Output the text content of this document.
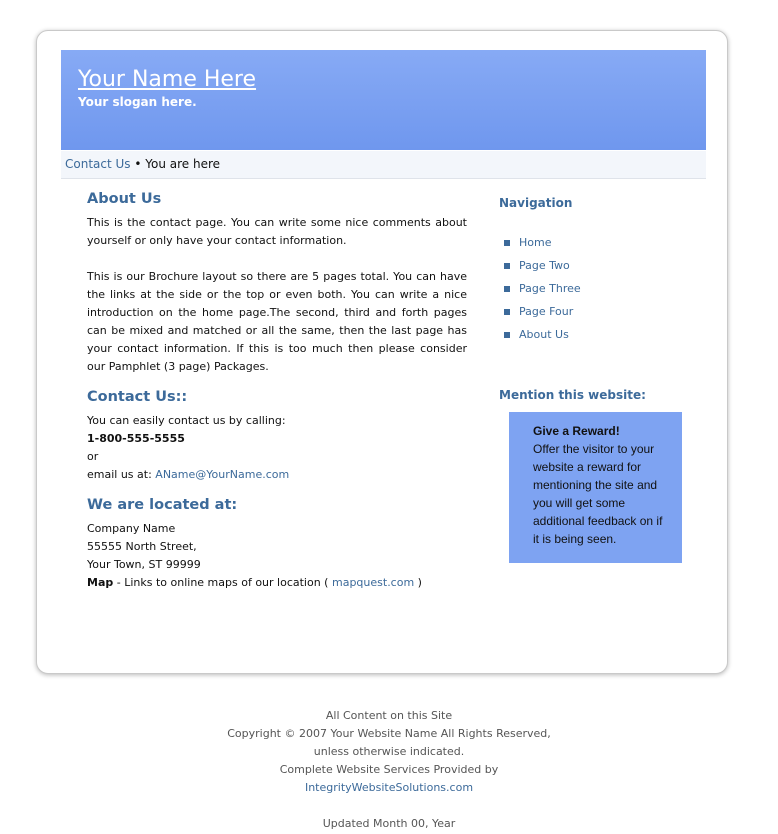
Your Name Here
Your slogan here.
Contact Us • You are here
About Us

This is the contact page. You can write some nice comments about yourself or only have your contact information.

This is our Brochure layout so there are 5 pages total. You can have the links at the side or the top or even both. You can write a nice introduction on the home page.The second, third and forth pages can be mixed and matched or all the same, then the last page has your contact information. If this is too much then please consider our Pamphlet (3 page) Packages.

Contact Us::
You can easily contact us by calling:
1-800-555-5555
or
email us at: AName@YourName.com
We are located at:
Company Name
55555 North Street,
Your Town, ST 99999
Map - Links to online maps of our location ( mapquest.com )
Navigation
Home
Page Two
Page Three
Page Four
About Us
Mention this website:
Give a Reward!
Offer the visitor to your website a reward for mentioning the site and you will get some additional feedback on if it is being seen.
All Content on this Site
Copyright © 2007 Your Website Name All Rights Reserved,
unless otherwise indicated.
Complete Website Services Provided by
IntegrityWebsiteSolutions.com
Updated Month 00, Year
